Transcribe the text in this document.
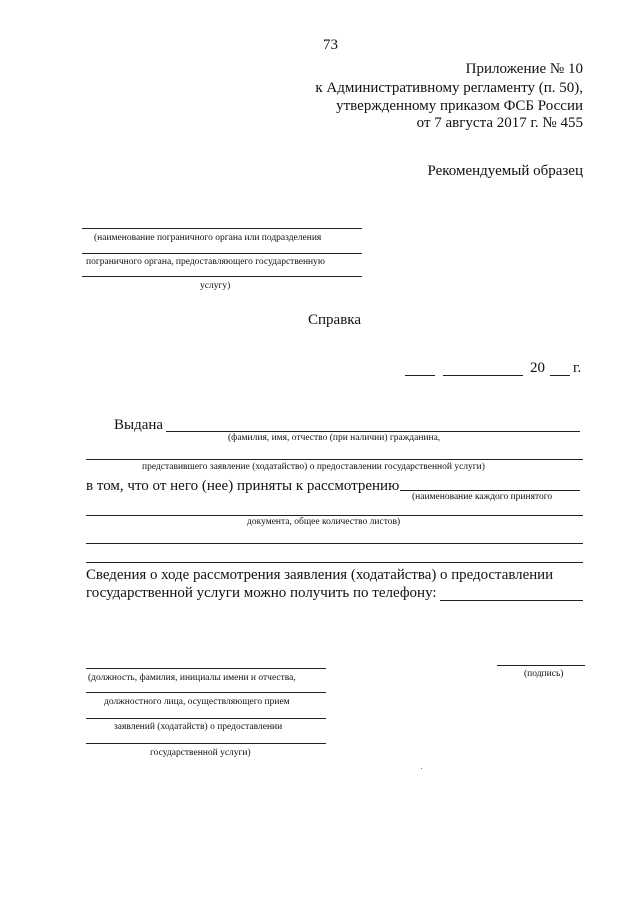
73
Приложение № 10
к Административному регламенту (п. 50),
утвержденному приказом ФСБ России
от 7 августа 2017 г. № 455
Рекомендуемый образец
(наименование пограничного органа или подразделения
пограничного органа, предоставляющего государственную
услугу)
Справка
20 г.
Выдана
(фамилия, имя, отчество (при наличии) гражданина,
представившего заявление (ходатайство) о предоставлении государственной услуги)
в том, что от него (нее) приняты к рассмотрению
(наименование каждого принятого
документа, общее количество листов)
Сведения о ходе рассмотрения заявления (ходатайства) о предоставлении
государственной услуги можно получить по телефону:
(должность, фамилия, инициалы имени и отчества,
должностного лица, осуществляющего прием
заявлений (ходатайств) о предоставлении
государственной услуги)
(подпись)
